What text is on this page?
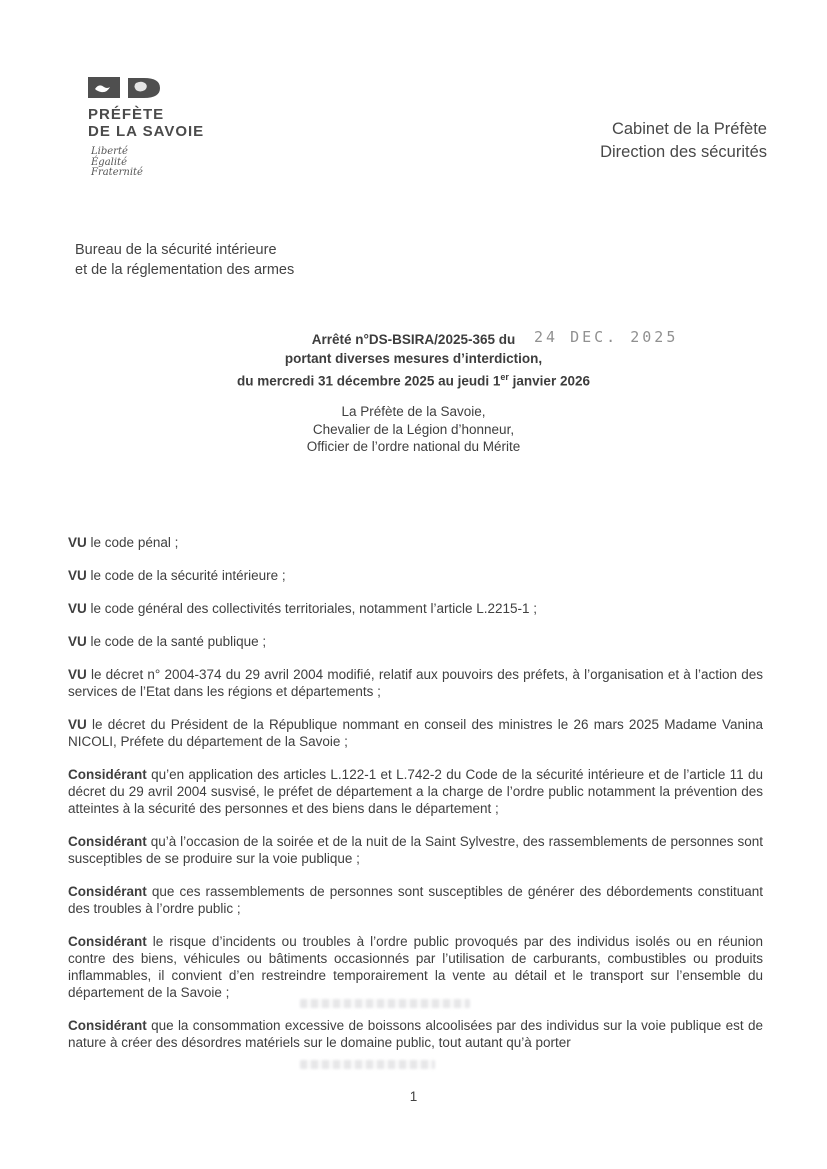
PRÉFÈTE
DE LA SAVOIE
Liberté
Égalité
Fraternité
Cabinet de la Préfète
Direction des sécurités
Bureau de la sécurité intérieure
et de la réglementation des armes
24 DEC. 2025
Arrêté n°DS-BSIRA/2025-365 du
portant diverses mesures d’interdiction,
du mercredi 31 décembre 2025 au jeudi 1er janvier 2026
La Préfète de la Savoie,
Chevalier de la Légion d’honneur,
Officier de l’ordre national du Mérite

VU le code pénal ;

VU le code de la sécurité intérieure ;

VU le code général des collectivités territoriales, notamment l’article L.2215-1 ;

VU le code de la santé publique ;

VU le décret n° 2004-374 du 29 avril 2004 modifié, relatif aux pouvoirs des préfets, à l’organisation et à l’action des services de l’Etat dans les régions et départements ;

VU le décret du Président de la République nommant en conseil des ministres le 26 mars 2025 Madame Vanina NICOLI, Préfete du département de la Savoie ;

Considérant qu’en application des articles L.122-1 et L.742-2 du Code de la sécurité intérieure et de l’article 11 du décret du 29 avril 2004 susvisé, le préfet de département a la charge de l’ordre public notamment la prévention des atteintes à la sécurité des personnes et des biens dans le département ;

Considérant qu’à l’occasion de la soirée et de la nuit de la Saint Sylvestre, des rassemblements de personnes sont susceptibles de se produire sur la voie publique ;

Considérant que ces rassemblements de personnes sont susceptibles de générer des débordements constituant des troubles à l’ordre public ;

Considérant le risque d’incidents ou troubles à l’ordre public provoqués par des individus isolés ou en réunion contre des biens, véhicules ou bâtiments occasionnés par l’utilisation de carburants, combustibles ou produits inflammables, il convient d’en restreindre temporairement la vente au détail et le transport sur l’ensemble du département de la Savoie ;

Considérant que la consommation excessive de boissons alcoolisées par des individus sur la voie publique est de nature à créer des désordres matériels sur le domaine public, tout autant qu’à porter

1
